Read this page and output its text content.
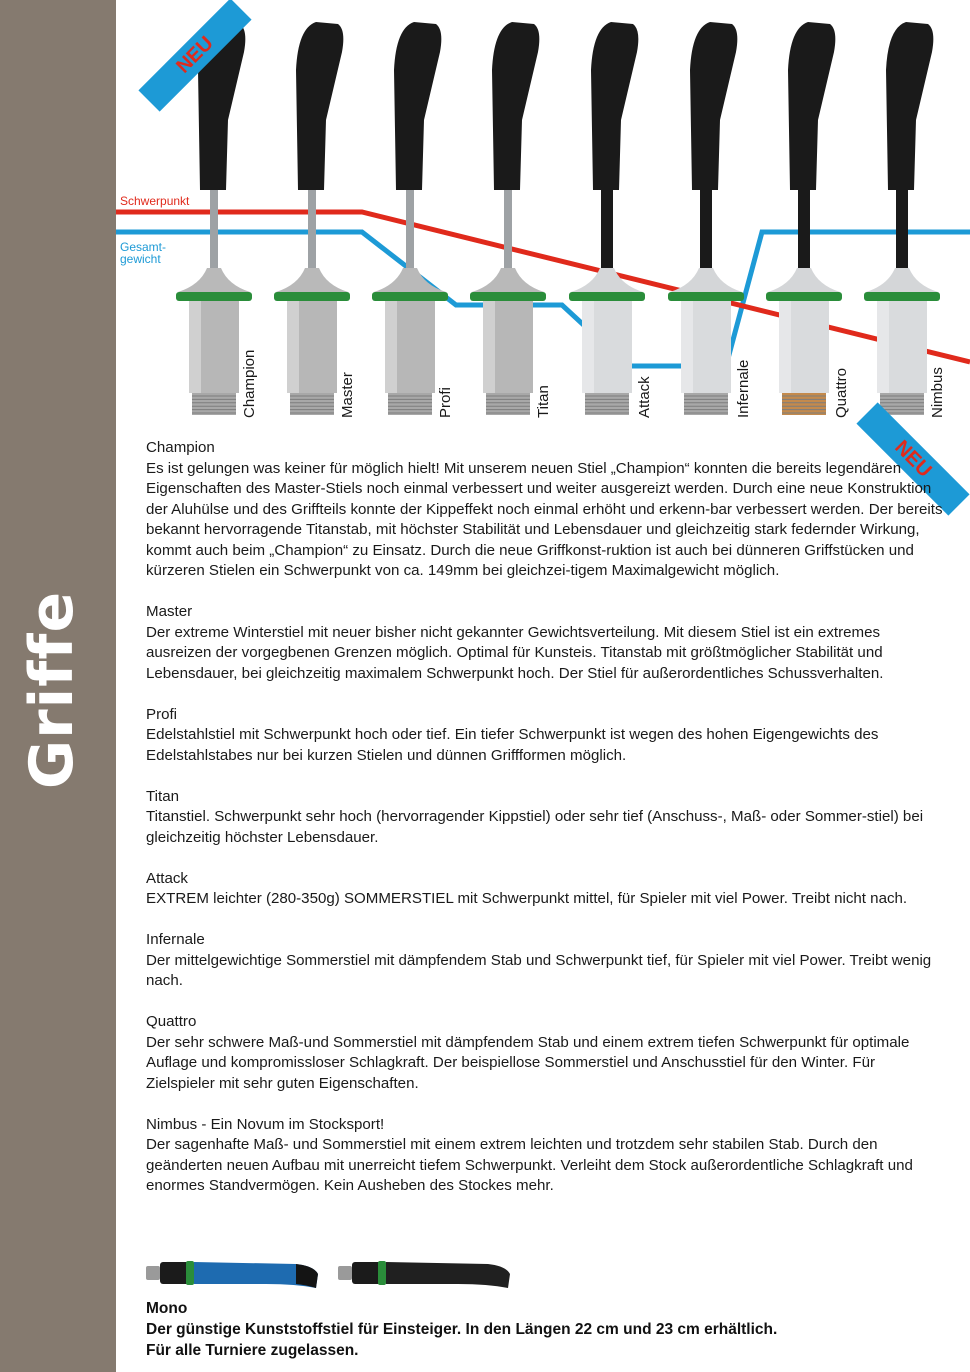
Griffe
Schwerpunkt
Gesamt-
gewicht
Champion	Master	Profi	Titan	Attack	Infernale	Quattro	Nimbus
NEU
NEU
Champion

Es ist gelungen was keiner für möglich hielt! Mit unserem neuen Stiel „Champion“ konnten die bereits legendären Eigenschaften des Master-Stiels noch einmal verbessert und weiter ausgereizt werden. Durch eine neue Konstruktion der Aluhülse und des Griffteils konnte der Kippeffekt noch einmal erhöht und erkenn-bar verbessert werden. Der bereits bekannt hervorragende Titanstab, mit höchster Stabilität und Lebensdauer und gleichzeitig stark federnder Wirkung, kommt auch beim „Champion“ zu Einsatz. Durch die neue Griffkonst-ruktion ist auch bei dünneren Griffstücken und kürzeren Stielen ein Schwerpunkt von ca. 149mm bei gleichzei-tigem Maximalgewicht möglich.

Master

Der extreme Winterstiel mit neuer bisher nicht gekannter Gewichtsverteilung. Mit diesem Stiel ist ein extremes ausreizen der vorgegbenen Grenzen möglich. Optimal für Kunsteis. Titanstab mit größtmöglicher Stabilität und Lebensdauer, bei gleichzeitig maximalem Schwerpunkt hoch. Der Stiel für außerordentliches Schussverhalten.

Profi

Edelstahlstiel mit Schwerpunkt hoch oder tief. Ein tiefer Schwerpunkt ist wegen des hohen Eigengewichts des Edelstahlstabes nur bei kurzen Stielen und dünnen Griffformen möglich.

Titan

Titanstiel. Schwerpunkt sehr hoch (hervorragender Kippstiel) oder sehr tief (Anschuss-, Maß- oder Sommer-stiel) bei gleichzeitig höchster Lebensdauer.

Attack

EXTREM leichter (280-350g) SOMMERSTIEL mit Schwerpunkt mittel, für Spieler mit viel Power. Treibt nicht nach.

Infernale

Der mittelgewichtige Sommerstiel mit dämpfendem Stab und Schwerpunkt tief, für Spieler mit viel Power. Treibt wenig nach.

Quattro

Der sehr schwere Maß-und Sommerstiel mit dämpfendem Stab und einem extrem tiefen Schwerpunkt für optimale Auflage und kompromissloser Schlagkraft. Der beispiellose Sommerstiel und Anschusstiel für den Winter. Für Zielspieler mit sehr guten Eigenschaften.

Nimbus - Ein Novum im Stocksport!

Der sagenhafte Maß- und Sommerstiel mit einem extrem leichten und trotzdem sehr stabilen Stab. Durch den geänderten neuen Aufbau mit unerreicht tiefem Schwerpunkt. Verleiht dem Stock außerordentliche Schlagkraft und enormes Standvermögen. Kein Ausheben des Stockes mehr.

Mono

Der günstige Kunststoffstiel für Einsteiger. In den Längen 22 cm und 23 cm erhältlich.

Für alle Turniere zugelassen.
